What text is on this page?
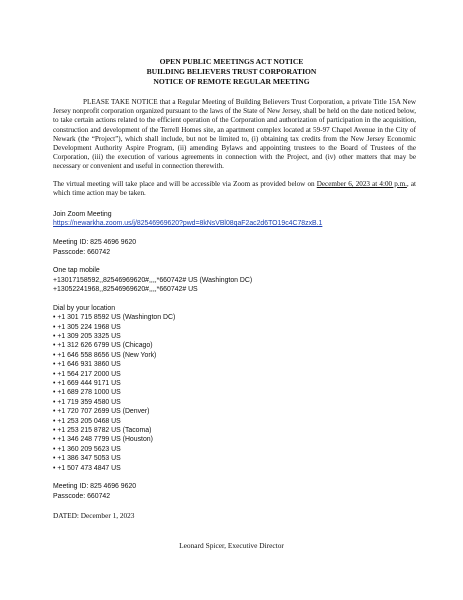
OPEN PUBLIC MEETINGS ACT NOTICE
BUILDING BELIEVERS TRUST CORPORATION
NOTICE OF REMOTE REGULAR MEETING
PLEASE TAKE NOTICE that a Regular Meeting of Building Believers Trust Corporation, a private Title 15A New Jersey nonprofit corporation organized pursuant to the laws of the State of New Jersey, shall be held on the date noticed below, to take certain actions related to the efficient operation of the Corporation and authorization of participation in the acquisition, construction and development of the Terrell Homes site, an apartment complex located at 59-97 Chapel Avenue in the City of Newark (the “Project”), which shall include, but not be limited to, (i) obtaining tax credits from the New Jersey Economic Development Authority Aspire Program, (ii) amending Bylaws and appointing trustees to the Board of Trustees of the Corporation, (iii) the execution of various agreements in connection with the Project, and (iv) other matters that may be necessary or convenient and useful in connection therewith.
The virtual meeting will take place and will be accessible via Zoom as provided below on December 6, 2023 at 4:00 p.m., at which time action may be taken.
Join Zoom Meeting
https://newarkha.zoom.us/j/82546969620?pwd=8kNsVBl08qaF2ac2d6TO19c4C78zxB.1
Meeting ID: 825 4696 9620
Passcode: 660742
One tap mobile
+13017158592,,82546969620#,,,,*660742# US (Washington DC)
+13052241968,,82546969620#,,,,*660742# US
Dial by your location
• +1 301 715 8592 US (Washington DC)
• +1 305 224 1968 US
• +1 309 205 3325 US
• +1 312 626 6799 US (Chicago)
• +1 646 558 8656 US (New York)
• +1 646 931 3860 US
• +1 564 217 2000 US
• +1 669 444 9171 US
• +1 689 278 1000 US
• +1 719 359 4580 US
• +1 720 707 2699 US (Denver)
• +1 253 205 0468 US
• +1 253 215 8782 US (Tacoma)
• +1 346 248 7799 US (Houston)
• +1 360 209 5623 US
• +1 386 347 5053 US
• +1 507 473 4847 US
Meeting ID: 825 4696 9620
Passcode: 660742
DATED: December 1, 2023
Leonard Spicer, Executive Director
